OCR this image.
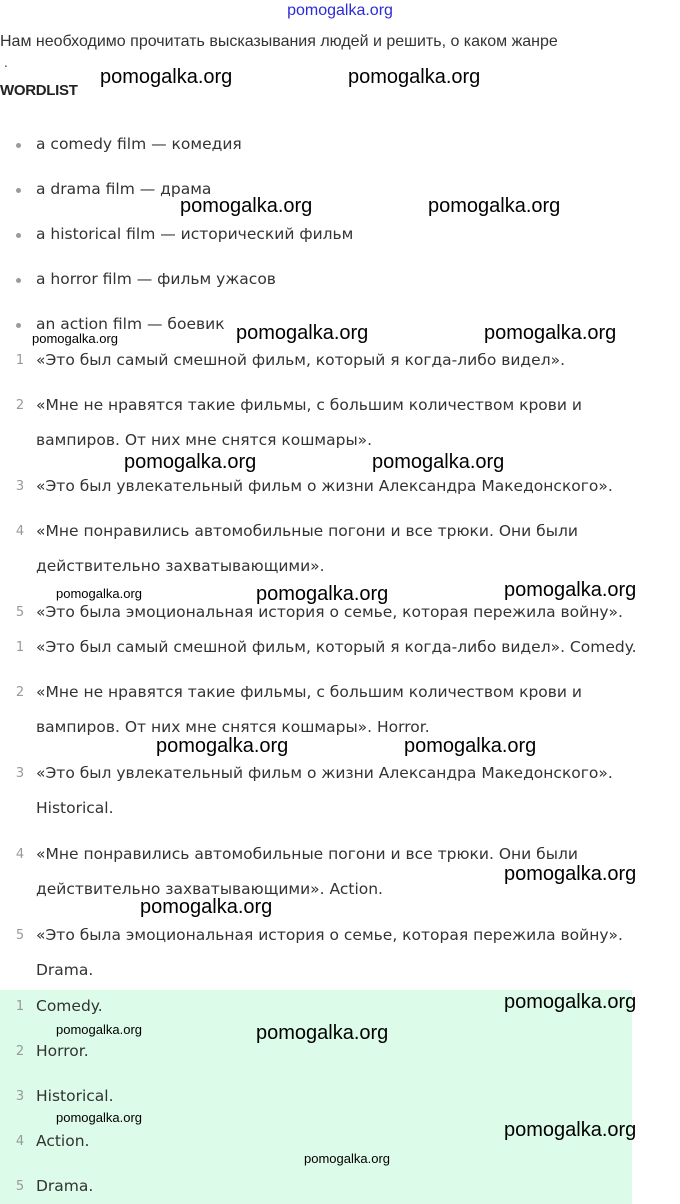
pomogalka.org
Нам необходимо прочитать высказывания людей и решить, о каком жанре
.
WORDLIST
a comedy film — комедия
a drama film — драма
a historical film — исторический фильм
a horror film — фильм ужасов
an action film — боевик
1 «Это был самый смешной фильм, который я когда-либо видел».
2 «Мне не нравятся такие фильмы, с большим количеством крови и
вампиров. От них мне снятся кошмары».
3 «Это был увлекательный фильм о жизни Александра Македонского».
4 «Мне понравились автомобильные погони и все трюки. Они были
действительно захватывающими».
5 «Это была эмоциональная история о семье, которая пережила войну».
1 «Это был самый смешной фильм, который я когда-либо видел». Comedy.
2 «Мне не нравятся такие фильмы, с большим количеством крови и
вампиров. От них мне снятся кошмары». Horror.
3 «Это был увлекательный фильм о жизни Александра Македонского».
Historical.
4 «Мне понравились автомобильные погони и все трюки. Они были
действительно захватывающими». Action.
5 «Это была эмоциональная история о семье, которая пережила войну».
Drama.
1 Comedy.
2 Horror.
3 Historical.
4 Action.
5 Drama.
pomogalka.org	pomogalka.org
pomogalka.org	pomogalka.org
pomogalka.org	pomogalka.org
pomogalka.org	pomogalka.org
pomogalka.org
pomogalka.org	pomogalka.org	pomogalka.org
pomogalka.org	pomogalka.org
pomogalka.org
pomogalka.org
pomogalka.org
pomogalka.org	pomogalka.org
pomogalka.org
pomogalka.org
pomogalka.org
